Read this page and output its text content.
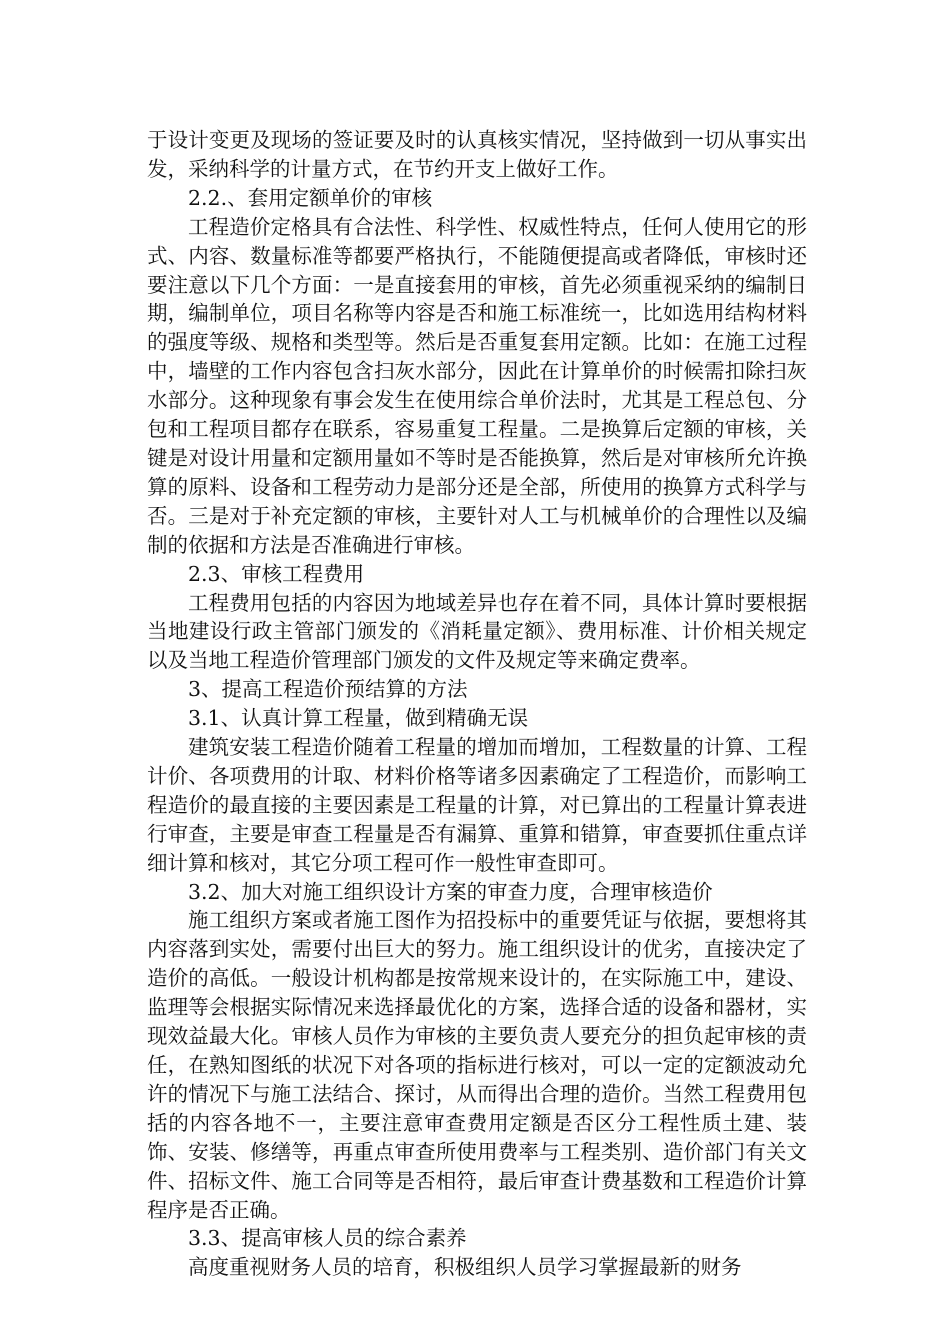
于设计变更及现场的签证要及时的认真核实情况，坚持做到一切从事实出发，采纳科学的计量方式，在节约开支上做好工作。

2.2.、套用定额单价的审核

工程造价定格具有合法性、科学性、权威性特点，任何人使用它的形式、内容、数量标准等都要严格执行，不能随便提高或者降低，审核时还要注意以下几个方面：一是直接套用的审核，首先必须重视采纳的编制日期，编制单位，项目名称等内容是否和施工标准统一，比如选用结构材料的强度等级、规格和类型等。然后是否重复套用定额。比如：在施工过程中，墙壁的工作内容包含扫灰水部分，因此在计算单价的时候需扣除扫灰水部分。这种现象有事会发生在使用综合单价法时，尤其是工程总包、分包和工程项目都存在联系，容易重复工程量。二是换算后定额的审核，关键是对设计用量和定额用量如不等时是否能换算，然后是对审核所允许换算的原料、设备和工程劳动力是部分还是全部，所使用的换算方式科学与否。三是对于补充定额的审核，主要针对人工与机械单价的合理性以及编制的依据和方法是否准确进行审核。

2.3、审核工程费用

工程费用包括的内容因为地域差异也存在着不同，具体计算时要根据当地建设行政主管部门颁发的《消耗量定额》、费用标准、计价相关规定以及当地工程造价管理部门颁发的文件及规定等来确定费率。

3、提高工程造价预结算的方法

3.1、认真计算工程量，做到精确无误

建筑安装工程造价随着工程量的增加而增加，工程数量的计算、工程计价、各项费用的计取、材料价格等诸多因素确定了工程造价，而影响工程造价的最直接的主要因素是工程量的计算，对已算出的工程量计算表进行审查，主要是审查工程量是否有漏算、重算和错算，审查要抓住重点详细计算和核对，其它分项工程可作一般性审查即可。

3.2、加大对施工组织设计方案的审查力度，合理审核造价

施工组织方案或者施工图作为招投标中的重要凭证与依据，要想将其内容落到实处，需要付出巨大的努力。施工组织设计的优劣，直接决定了造价的高低。一般设计机构都是按常规来设计的，在实际施工中，建设、监理等会根据实际情况来选择最优化的方案，选择合适的设备和器材，实现效益最大化。审核人员作为审核的主要负责人要充分的担负起审核的责任，在熟知图纸的状况下对各项的指标进行核对，可以一定的定额波动允许的情况下与施工法结合、探讨，从而得出合理的造价。当然工程费用包括的内容各地不一，主要注意审查费用定额是否区分工程性质土建、装饰、安装、修缮等，再重点审查所使用费率与工程类别、造价部门有关文件、招标文件、施工合同等是否相符，最后审查计费基数和工程造价计算程序是否正确。

3.3、提高审核人员的综合素养

高度重视财务人员的培育，积极组织人员学习掌握最新的财务
